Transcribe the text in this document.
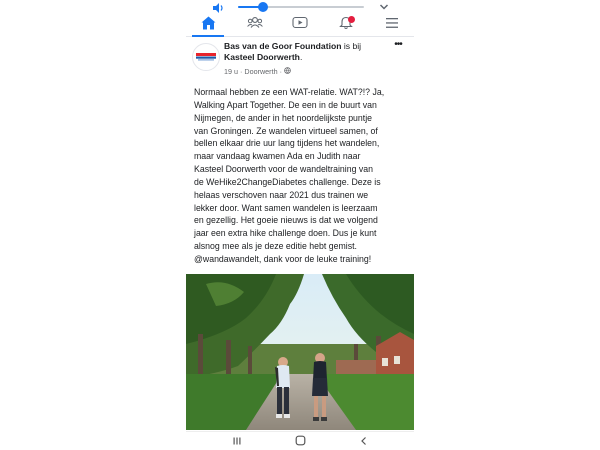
Bas van de Goor Foundation is bij
Kasteel Doorwerth.
19 u · Doorwerth ·
•••
Normaal hebben ze een WAT-relatie. WAT?!? Ja,
Walking Apart Together. De een in de buurt van
Nijmegen, de ander in het noordelijkste puntje
van Groningen. Ze wandelen virtueel samen, of
bellen elkaar drie uur lang tijdens het wandelen,
maar vandaag kwamen Ada en Judith naar
Kasteel Doorwerth voor de wandeltraining van
de WeHike2ChangeDiabetes challenge. Deze is
helaas verschoven naar 2021 dus trainen we
lekker door. Want samen wandelen is leerzaam
en gezellig. Het goeie nieuws is dat we volgend
jaar een extra hike challenge doen. Dus je kunt
alsnog mee als je deze editie hebt gemist.
@wandawandelt, dank voor de leuke training!
